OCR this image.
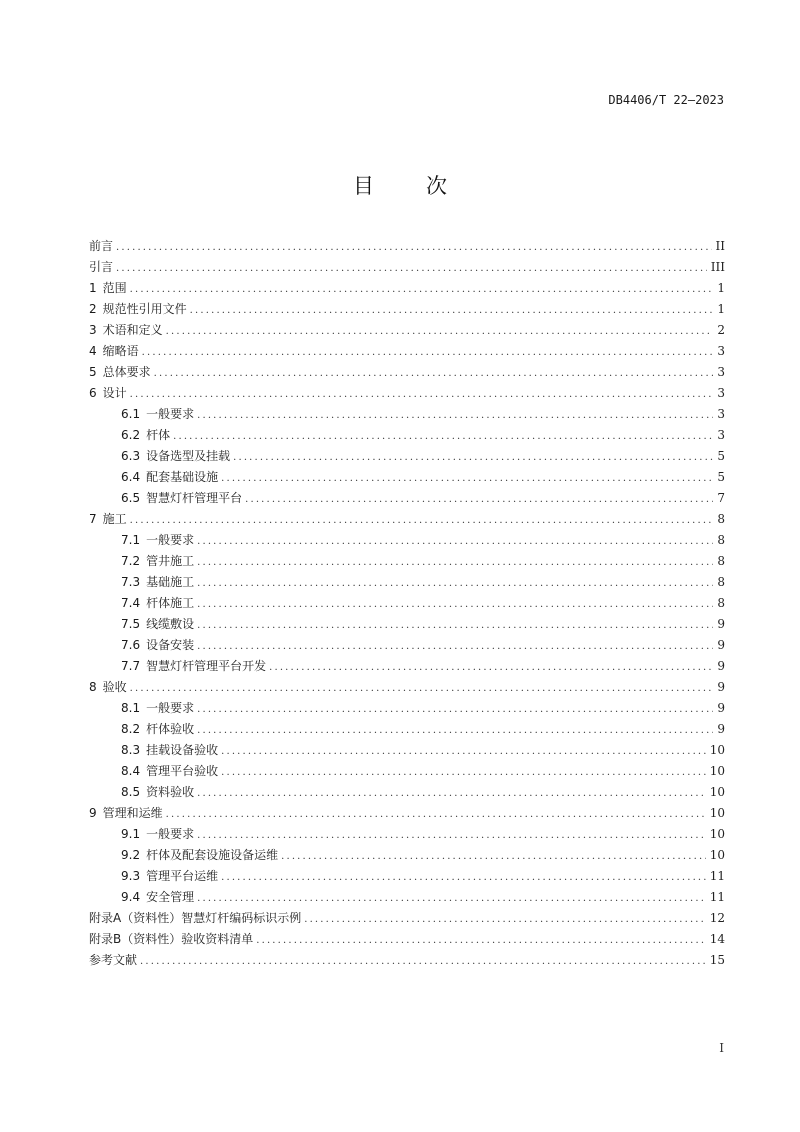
DB4406/T 22—2023
目 次
前言 . . .	II
引言 . . .	III
1 范围 . . .	1
2 规范性引用文件 . . .	1
3 术语和定义 . . .	2
4 缩略语 . . .	3
5 总体要求 . . .	3
6 设计 . . .	3
6.1 一般要求 . . .	3
6.2 杆体 . . .	3
6.3 设备选型及挂载 . . .	5
6.4 配套基础设施 . . .	5
6.5 智慧灯杆管理平台 . . .	7
7 施工 . . .	8
7.1 一般要求 . . .	8
7.2 管井施工 . . .	8
7.3 基础施工 . . .	8
7.4 杆体施工 . . .	8
7.5 线缆敷设 . . .	9
7.6 设备安装 . . .	9
7.7 智慧灯杆管理平台开发 . . .	9
8 验收 . . .	9
8.1 一般要求 . . .	9
8.2 杆体验收 . . .	9
8.3 挂载设备验收 . . .	10
8.4 管理平台验收 . . .	10
8.5 资料验收 . . .	10
9 管理和运维 . . .	10
9.1 一般要求 . . .	10
9.2 杆体及配套设施设备运维 . . .	10
9.3 管理平台运维 . . .	11
9.4 安全管理 . . .	11
附录A（资料性）智慧灯杆编码标识示例 . . .	12
附录B（资料性）验收资料清单 . . .	14
参考文献 . . .	15
I
